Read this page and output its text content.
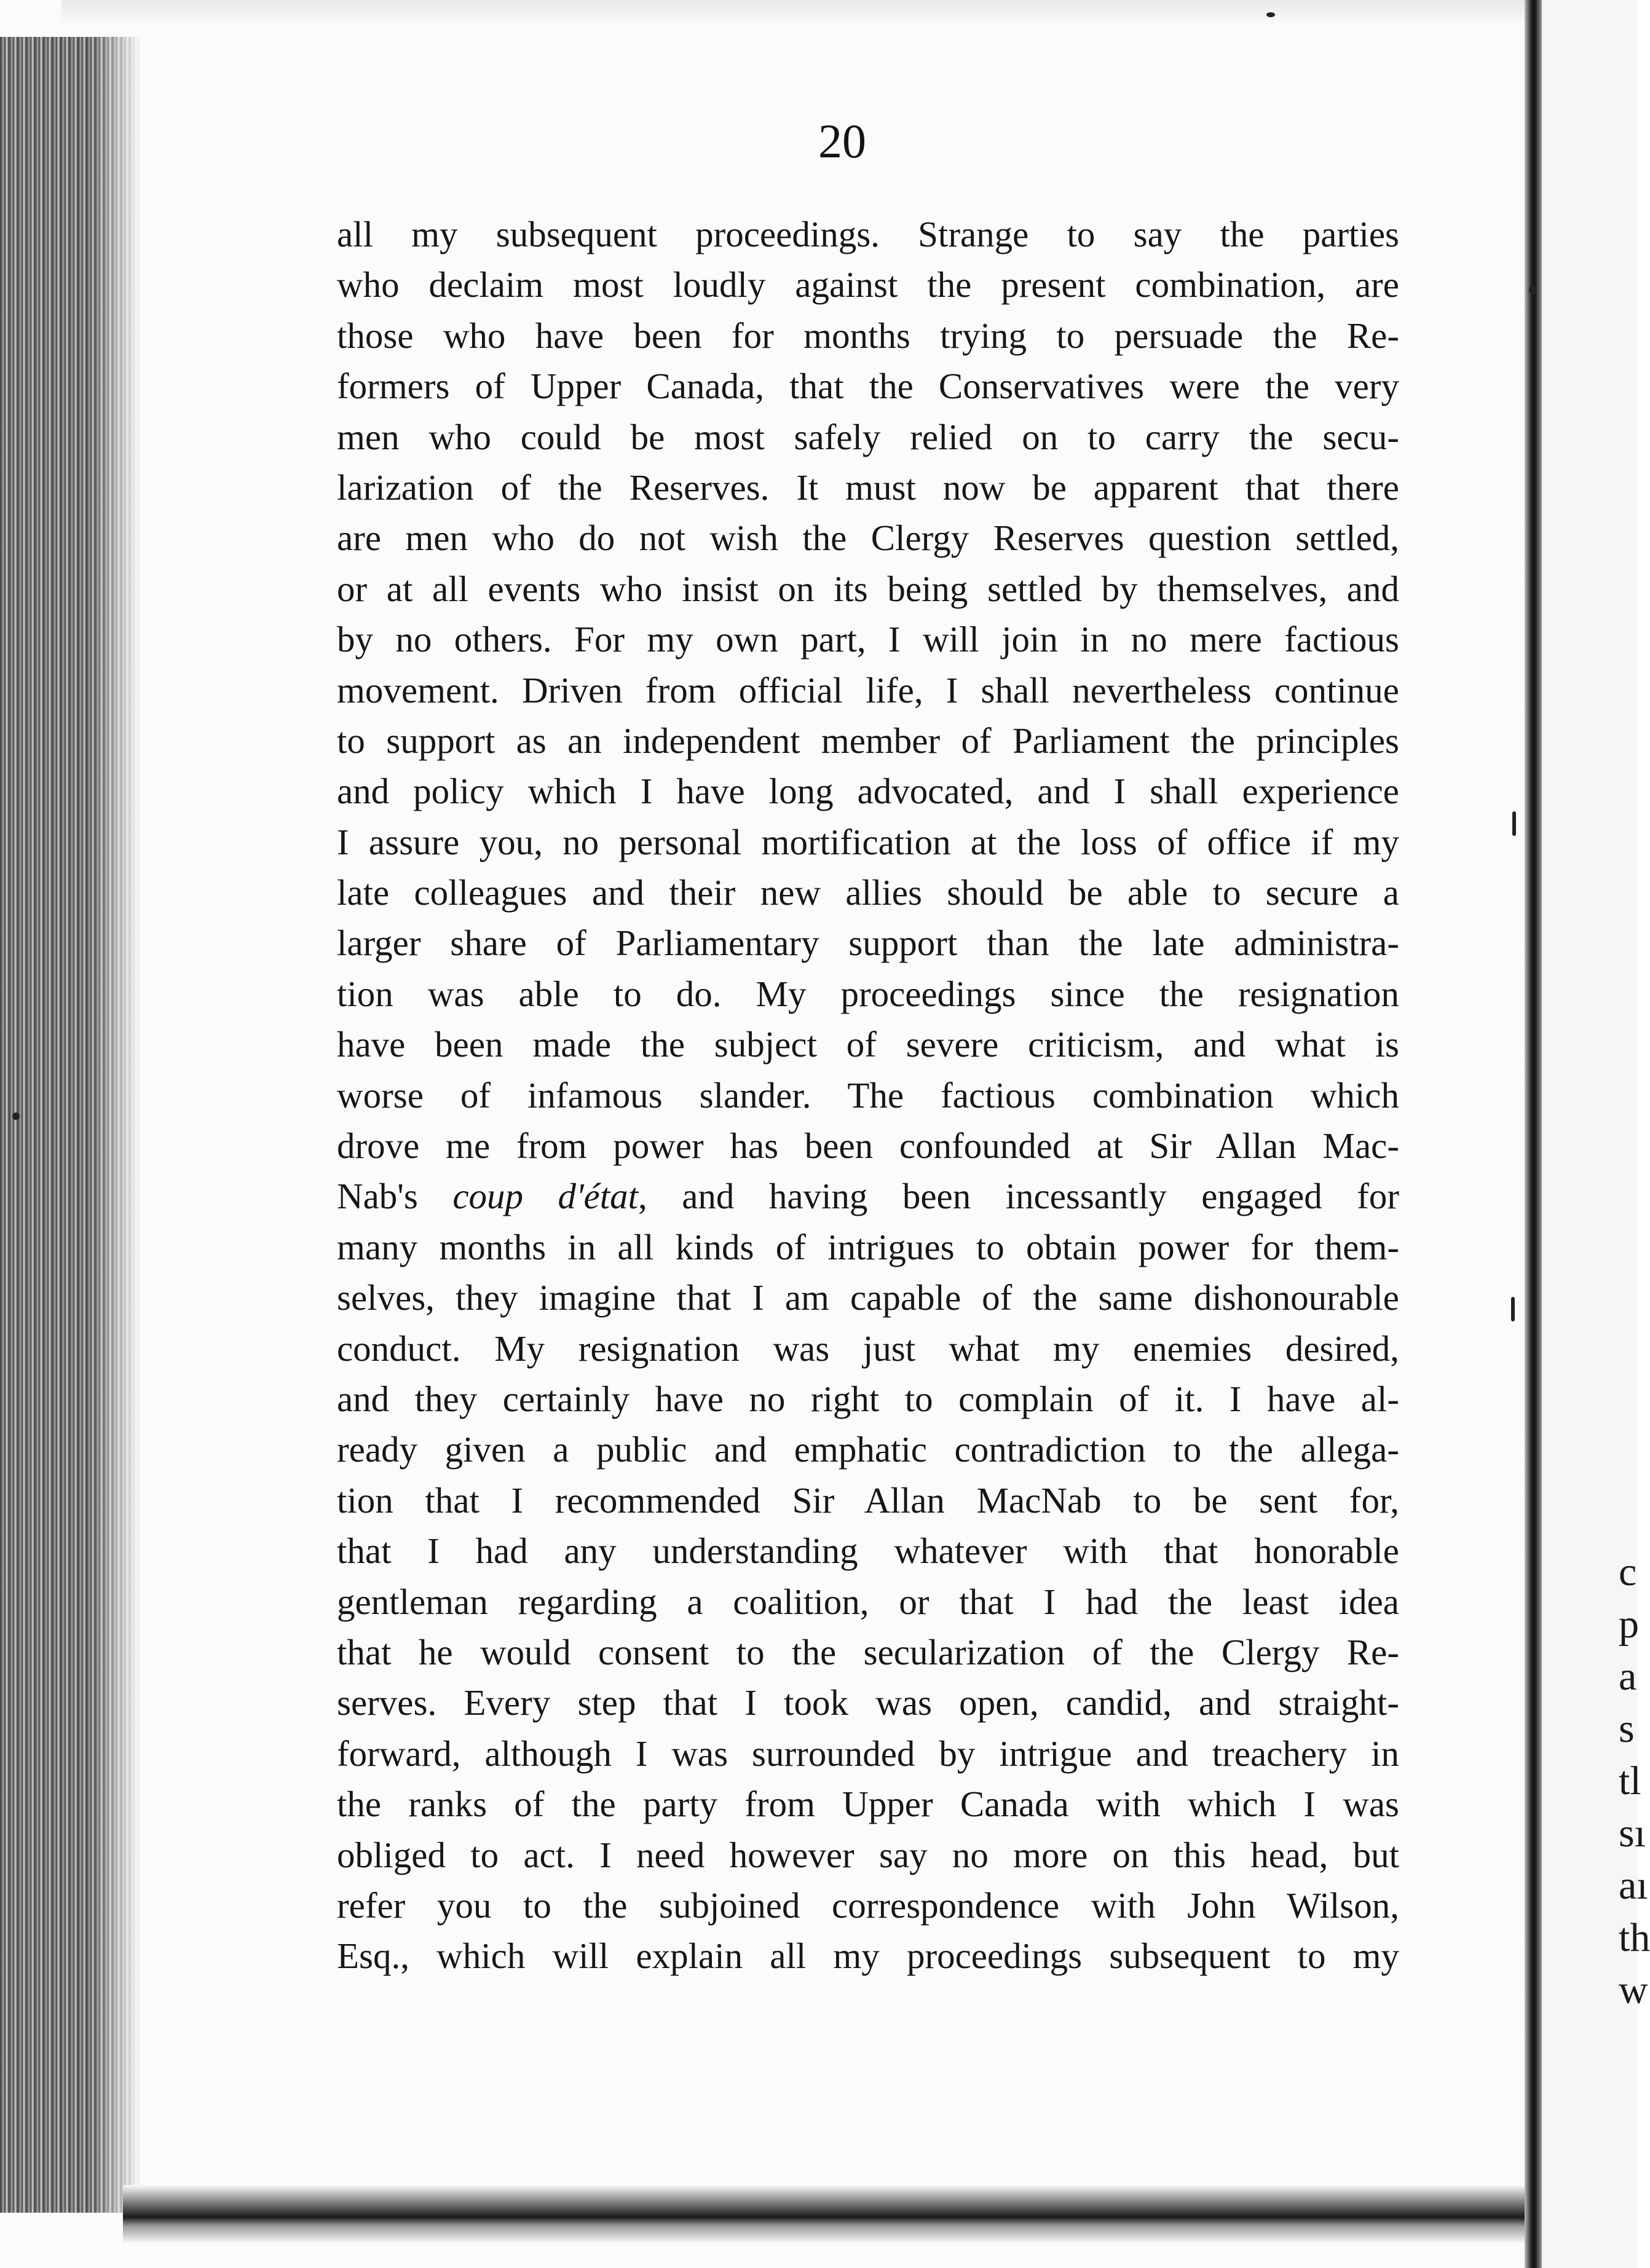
c
p
a
s
tl
sı
aı
th
w
20
all my subsequent proceedings. Strange to say the parties
who declaim most loudly against the present combination, are
those who have been for months trying to persuade the Re-
formers of Upper Canada, that the Conservatives were the very
men who could be most safely relied on to carry the secu-
larization of the Reserves. It must now be apparent that there
are men who do not wish the Clergy Reserves question settled,
or at all events who insist on its being settled by themselves, and
by no others. For my own part, I will join in no mere factious
movement. Driven from official life, I shall nevertheless continue
to support as an independent member of Parliament the principles
and policy which I have long advocated, and I shall experience
I assure you, no personal mortification at the loss of office if my
late colleagues and their new allies should be able to secure a
larger share of Parliamentary support than the late administra-
tion was able to do. My proceedings since the resignation
have been made the subject of severe criticism, and what is
worse of infamous slander. The factious combination which
drove me from power has been confounded at Sir Allan Mac-
Nab's coup d'état, and having been incessantly engaged for
many months in all kinds of intrigues to obtain power for them-
selves, they imagine that I am capable of the same dishonourable
conduct. My resignation was just what my enemies desired,
and they certainly have no right to complain of it. I have al-
ready given a public and emphatic contradiction to the allega-
tion that I recommended Sir Allan MacNab to be sent for,
that I had any understanding whatever with that honorable
gentleman regarding a coalition, or that I had the least idea
that he would consent to the secularization of the Clergy Re-
serves. Every step that I took was open, candid, and straight-
forward, although I was surrounded by intrigue and treachery in
the ranks of the party from Upper Canada with which I was
obliged to act. I need however say no more on this head, but
refer you to the subjoined correspondence with John Wilson,
Esq., which will explain all my proceedings subsequent to my
